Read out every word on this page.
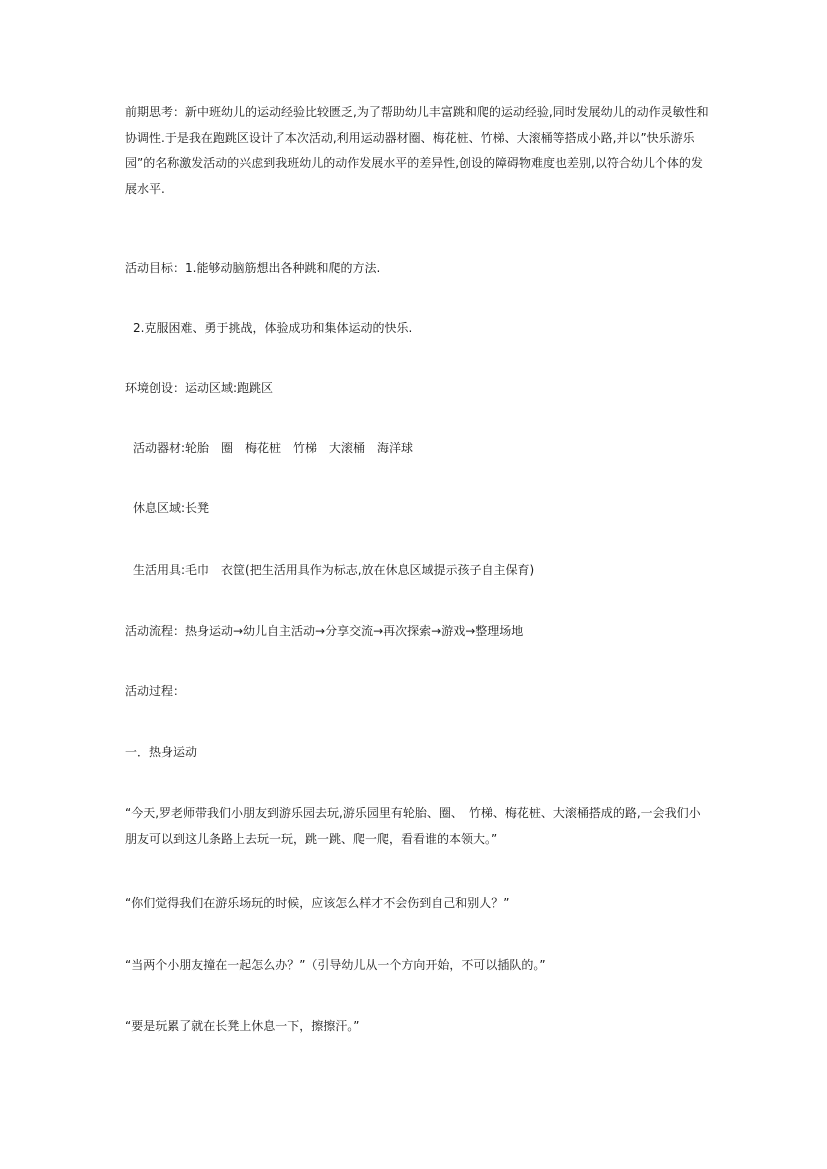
前期思考：新中班幼儿的运动经验比较匮乏,为了帮助幼儿丰富跳和爬的运动经验,同时发展幼儿的动作灵敏性和协调性.于是我在跑跳区设计了本次活动,利用运动器材圈、梅花桩、竹梯、大滚桶等搭成小路,并以”快乐游乐园”的名称激发活动的兴虑到我班幼儿的动作发展水平的差异性,创设的障碍物难度也差别,以符合幼儿个体的发展水平.

活动目标：1.能够动脑筋想出各种跳和爬的方法.

2.克服困难、勇于挑战，体验成功和集体运动的快乐.

环境创设：运动区域:跑跳区

活动器材:轮胎　圈　梅花桩　竹梯　大滚桶　海洋球

休息区域:长凳

生活用具:毛巾　衣筐(把生活用具作为标志,放在休息区域提示孩子自主保育)

活动流程：热身运动→幼儿自主活动→分享交流→再次探索→游戏→整理场地

活动过程：

一．热身运动

“今天,罗老师带我们小朋友到游乐园去玩,游乐园里有轮胎、圈、　竹梯、梅花桩、大滚桶搭成的路,一会我们小朋友可以到这儿条路上去玩一玩，跳一跳、爬一爬，看看谁的本领大。”

“你们觉得我们在游乐场玩的时候，应该怎么样才不会伤到自己和别人？”

“当两个小朋友撞在一起怎么办？”（引导幼儿从一个方向开始，不可以插队的。”

“要是玩累了就在长凳上休息一下，擦擦汗。”
